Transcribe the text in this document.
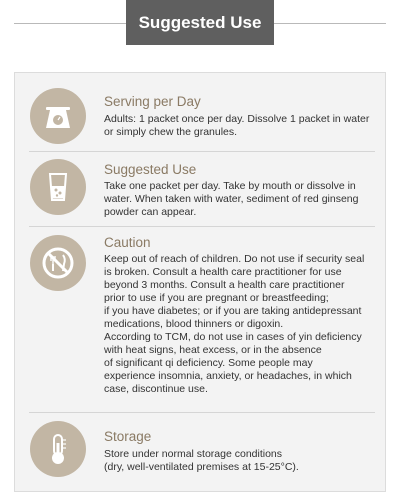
Suggested Use
Serving per Day
Adults: 1 packet once per day. Dissolve 1 packet in water
or simply chew the granules.
Suggested Use
Take one packet per day. Take by mouth or dissolve in
water. When taken with water, sediment of red ginseng
powder can appear.
Caution
Keep out of reach of children. Do not use if security seal
is broken. Consult a health care practitioner for use
beyond 3 months. Consult a health care practitioner
prior to use if you are pregnant or breastfeeding;
if you have diabetes; or if you are taking antidepressant
medications, blood thinners or digoxin.
According to TCM, do not use in cases of yin deficiency
with heat signs, heat excess, or in the absence
of significant qi deficiency. Some people may
experience insomnia, anxiety, or headaches, in which
case, discontinue use.
Storage
Store under normal storage conditions
(dry, well-ventilated premises at 15-25°C).
